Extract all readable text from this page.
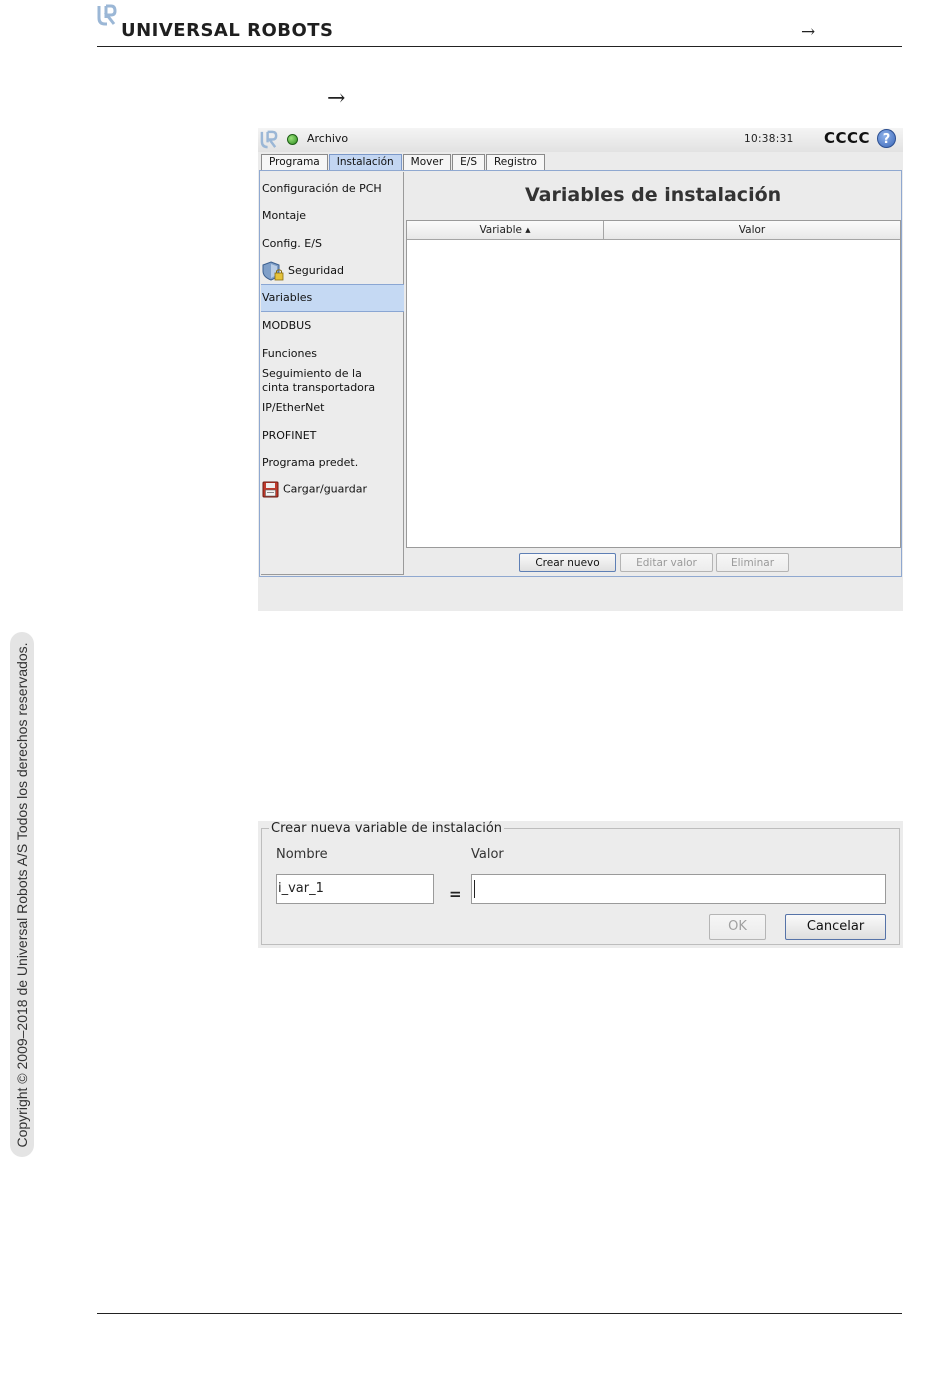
UNIVERSAL ROBOTS	→
→
Copyright © 2009–2018 de Universal Robots A/S Todos los derechos reservados.
Archivo	10:38:31 CCCC ?
Programa	Instalación	Mover	E/S	Registro
Configuración de PCH
Montaje
Config. E/S
Seguridad
Variables
MODBUS
Funciones
Seguimiento de la cinta transportadora
IP/EtherNet
PROFINET
Programa predet.
Cargar/guardar
Variables de instalación
Variable ▴	Valor
Crear nuevo	Editar valor	Eliminar
Crear nueva variable de instalación
Nombre	Valor
i_var_1	=
OK	Cancelar
